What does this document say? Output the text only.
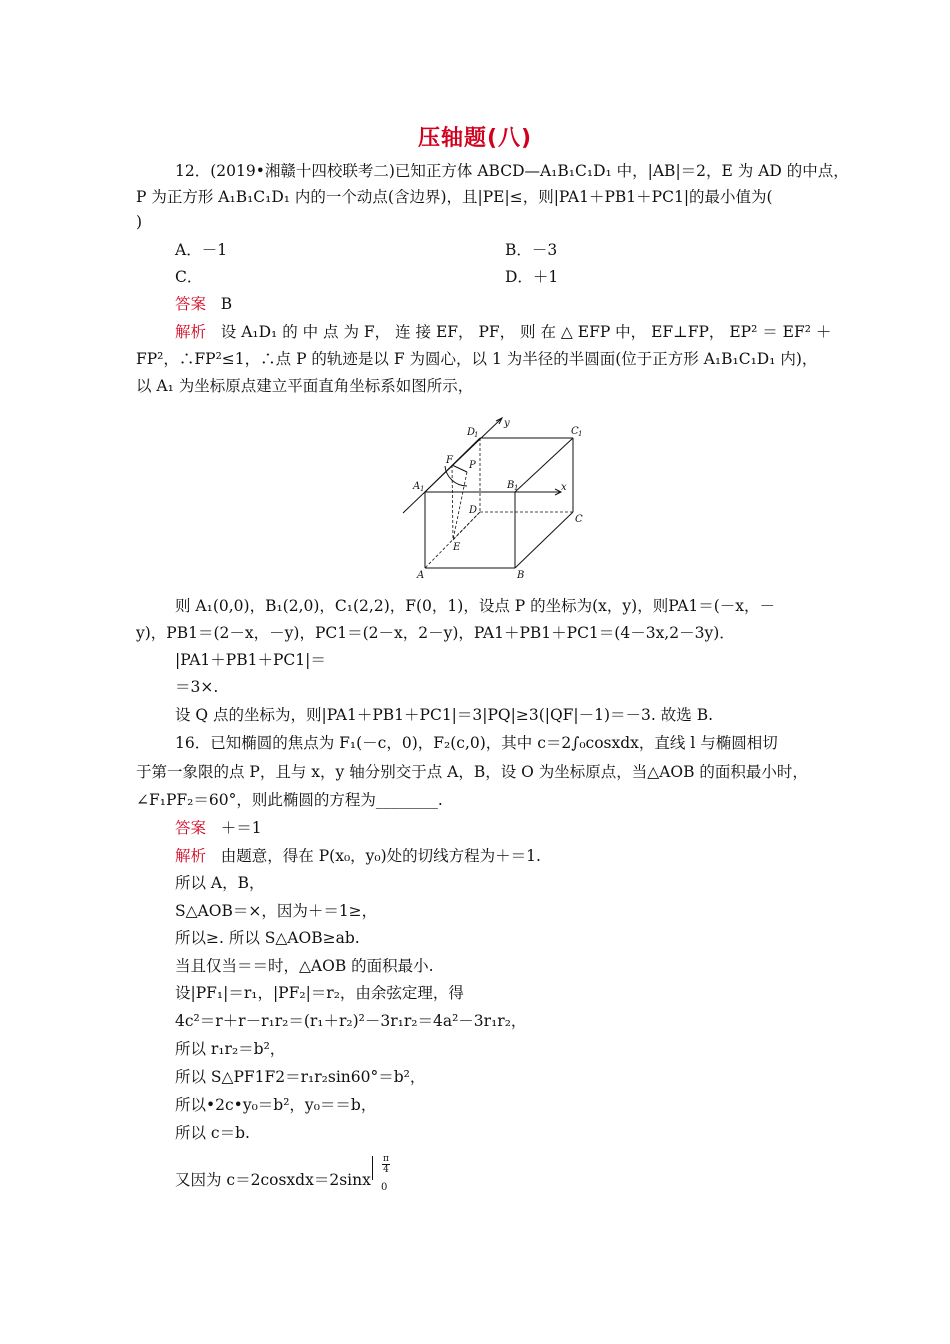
压轴题(八)
12．(2019•湘赣十四校联考二)已知正方体 ABCD—A₁B₁C₁D₁ 中，|AB|＝2，E 为 AD 的中点，
P 为正方形 A₁B₁C₁D₁ 内的一个动点(含边界)，且|PE|≤，则|PA1＋PB1＋PC1|的最小值为(
)
A．－1	B．－3
C．	D．＋1
答案 B
解析 设 A₁D₁ 的 中 点 为 F， 连 接 EF， PF， 则 在 △ EFP 中， EF⊥FP， EP² ＝ EF² ＋
FP²，∴FP²≤1，∴点 P 的轨迹是以 F 为圆心，以 1 为半径的半圆面(位于正方形 A₁B₁C₁D₁ 内)，
以 A₁ 为坐标原点建立平面直角坐标系如图所示，
D
1	C 1
A 1	B 1
F P
D
C
E
A	B
x
y
则 A₁(0,0)，B₁(2,0)，C₁(2,2)，F(0，1)，设点 P 的坐标为(x，y)，则PA1＝(－x，－
y)，PB1＝(2－x，－y)，PC1＝(2－x，2－y)，PA1＋PB1＋PC1＝(4－3x,2－3y)．
|PA1＋PB1＋PC1|＝
＝3×.
设 Q 点的坐标为，则|PA1＋PB1＋PC1|＝3|PQ|≥3(|QF|－1)＝－3. 故选 B.
16．已知椭圆的焦点为 F₁(－c，0)，F₂(c,0)，其中 c＝2∫₀cosxdx，直线 l 与椭圆相切
于第一象限的点 P，且与 x，y 轴分别交于点 A，B，设 O 为坐标原点，当△AOB 的面积最小时，
∠F₁PF₂＝60°，则此椭圆的方程为________.
答案 ＋＝1
解析 由题意，得在 P(x₀，y₀)处的切线方程为＋＝1.
所以 A，B，
S△AOB＝×，因为＋＝1≥，
所以≥. 所以 S△AOB≥ab.
当且仅当＝＝时，△AOB 的面积最小.
设|PF₁|＝r₁，|PF₂|＝r₂，由余弦定理，得
4c²＝r＋r－r₁r₂＝(r₁＋r₂)²－3r₁r₂＝4a²－3r₁r₂，
所以 r₁r₂＝b²，
所以 S△PF1F2＝r₁r₂sin60°＝b²，
所以•2c•y₀＝b²，y₀＝＝b，
所以 c＝b.
又因为 c＝2cosxdx＝2sinx
$\frac{\pi}{4}$
0
